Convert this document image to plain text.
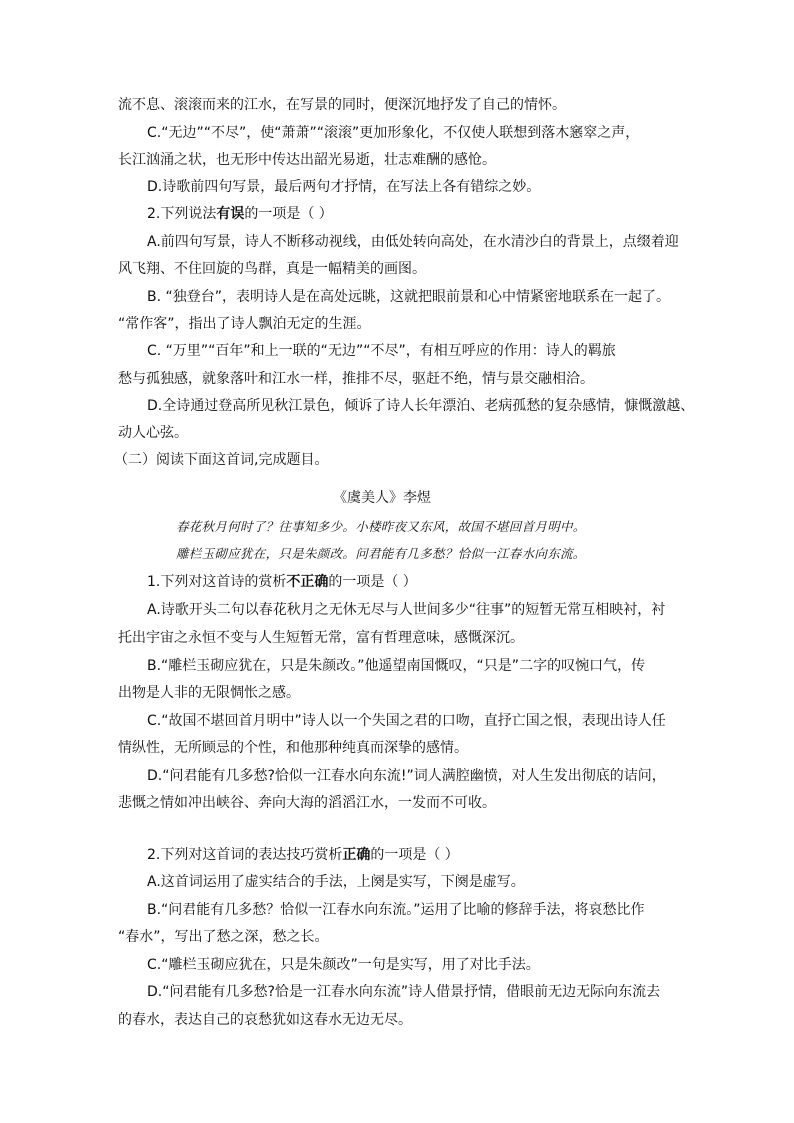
流不息、滚滚而来的江水，在写景的同时，便深沉地抒发了自己的情怀。
C.“无边”“不尽”，使“萧萧”“滚滚”更加形象化，不仅使人联想到落木窸窣之声，
长江汹涌之状，也无形中传达出韶光易逝，壮志难酬的感怆。
D.诗歌前四句写景，最后两句才抒情，在写法上各有错综之妙。
2.下列说法有误的一项是（ ）
A.前四句写景，诗人不断移动视线，由低处转向高处，在水清沙白的背景上，点缀着迎
风飞翔、不住回旋的鸟群，真是一幅精美的画图。
B. “独登台”，表明诗人是在高处远眺，这就把眼前景和心中情紧密地联系在一起了。
“常作客”，指出了诗人飘泊无定的生涯。
C. “万里”“百年”和上一联的“无边”“不尽”，有相互呼应的作用：诗人的羁旅
愁与孤独感，就象落叶和江水一样，推排不尽，驱赶不绝，情与景交融相洽。
D.全诗通过登高所见秋江景色，倾诉了诗人长年漂泊、老病孤愁的复杂感情，慷慨激越、
动人心弦。
（二）阅读下面这首词,完成题目。
《虞美人》李煜
春花秋月何时了？往事知多少。小楼昨夜又东风，故国不堪回首月明中。
雕栏玉砌应犹在，只是朱颜改。问君能有几多愁？恰似一江春水向东流。
1.下列对这首诗的赏析不正确的一项是（ ）
A.诗歌开头二句以春花秋月之无休无尽与人世间多少“往事”的短暂无常互相映衬，衬
托出宇宙之永恒不变与人生短暂无常，富有哲理意味，感慨深沉。
B.“雕栏玉砌应犹在，只是朱颜改。”他遥望南国慨叹，“只是”二字的叹惋口气，传
出物是人非的无限惆怅之感。
C.“故国不堪回首月明中”诗人以一个失国之君的口吻，直抒亡国之恨，表现出诗人任
情纵性，无所顾忌的个性，和他那种纯真而深挚的感情。
D.“问君能有几多愁?恰似一江春水向东流!”词人满腔幽愤，对人生发出彻底的诘问，
悲慨之情如冲出峡谷、奔向大海的滔滔江水，一发而不可收。
2.下列对这首词的表达技巧赏析正确的一项是（ ）
A.这首词运用了虚实结合的手法，上阕是实写，下阕是虚写。
B.“问君能有几多愁？恰似一江春水向东流。”运用了比喻的修辞手法，将哀愁比作
“春水”，写出了愁之深，愁之长。
C.“雕栏玉砌应犹在，只是朱颜改”一句是实写，用了对比手法。
D.“问君能有几多愁?恰是一江春水向东流”诗人借景抒情，借眼前无边无际向东流去
的春水，表达自己的哀愁犹如这春水无边无尽。
